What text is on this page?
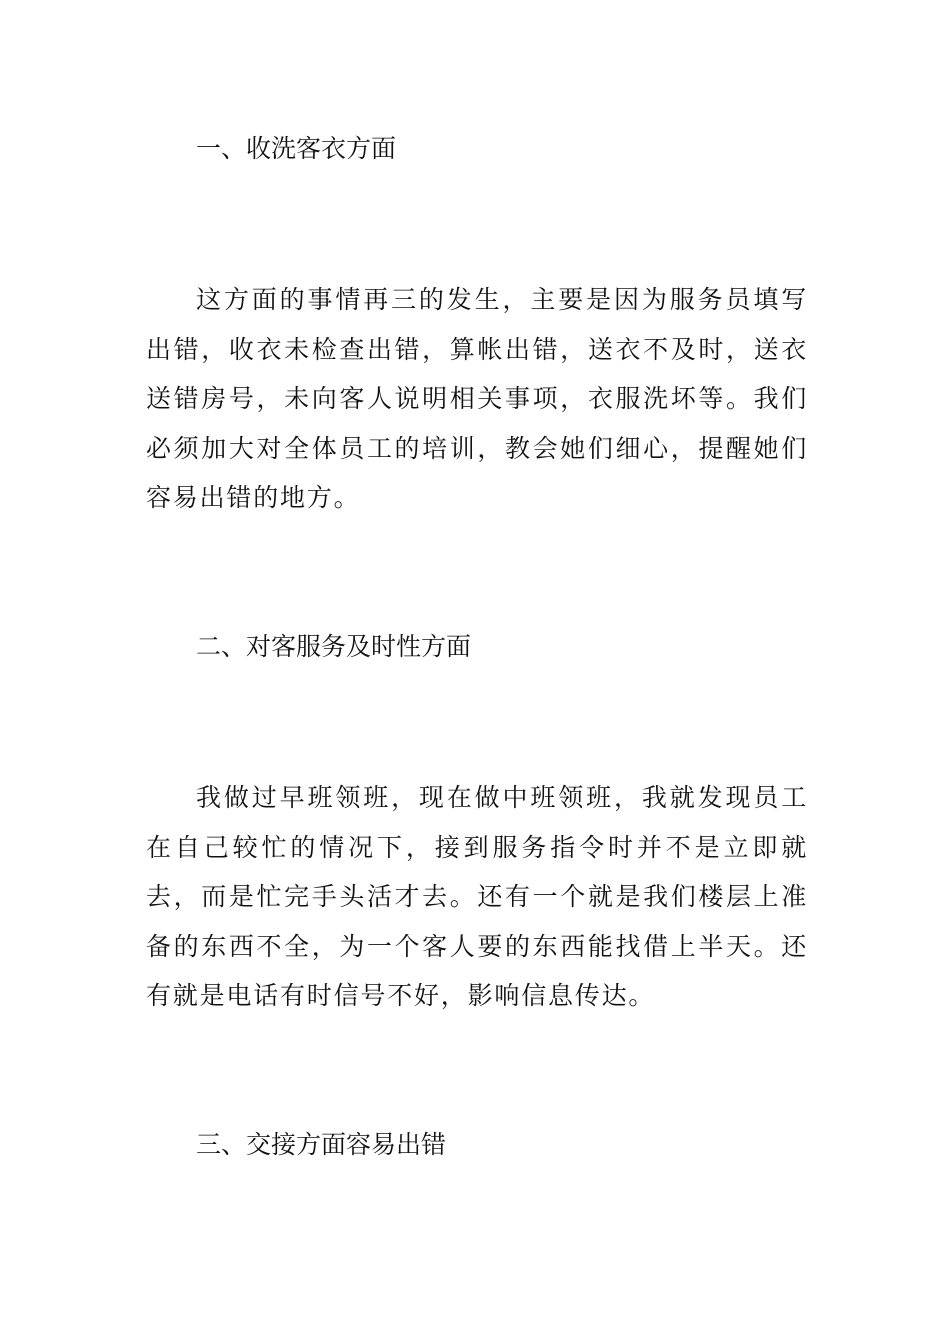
一、收洗客衣方面
这方面的事情再三的发生，主要是因为服务员填写出错，收衣未检查出错，算帐出错，送衣不及时，送衣送错房号，未向客人说明相关事项，衣服洗坏等。我们必须加大对全体员工的培训，教会她们细心，提醒她们容易出错的地方。
二、对客服务及时性方面
我做过早班领班，现在做中班领班，我就发现员工在自己较忙的情况下，接到服务指令时并不是立即就去，而是忙完手头活才去。还有一个就是我们楼层上准备的东西不全，为一个客人要的东西能找借上半天。还有就是电话有时信号不好，影响信息传达。
三、交接方面容易出错
